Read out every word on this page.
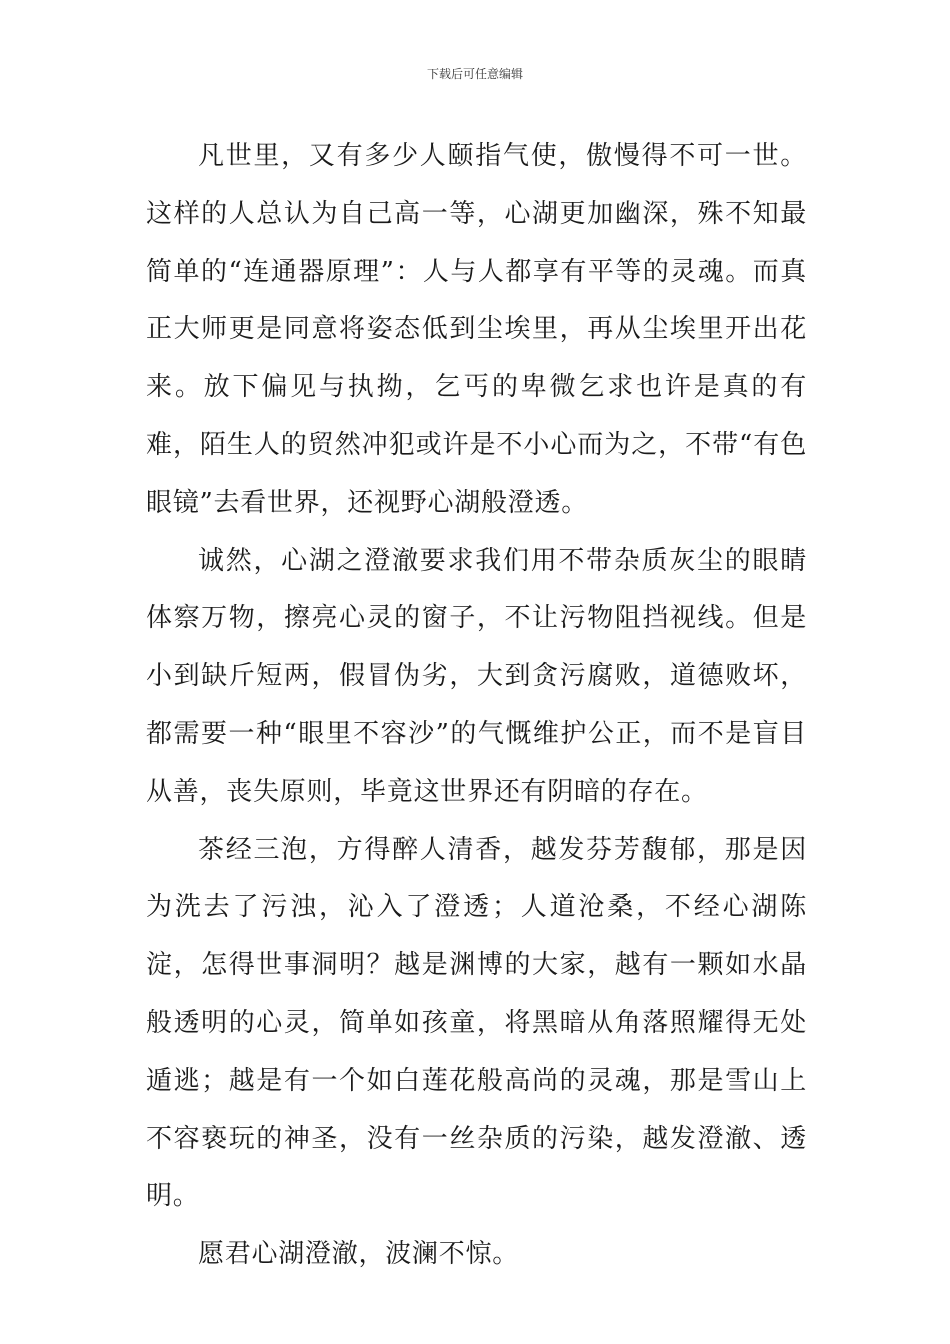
下载后可任意编辑

凡世里，又有多少人颐指气使，傲慢得不可一世。这样的人总认为自己高一等，心湖更加幽深，殊不知最简单的“连通器原理”：人与人都享有平等的灵魂。而真正大师更是同意将姿态低到尘埃里，再从尘埃里开出花来。放下偏见与执拗，乞丐的卑微乞求也许是真的有难，陌生人的贸然冲犯或许是不小心而为之，不带“有色眼镜”去看世界，还视野心湖般澄透。

诚然，心湖之澄澈要求我们用不带杂质灰尘的眼睛体察万物，擦亮心灵的窗子，不让污物阻挡视线。但是小到缺斤短两，假冒伪劣，大到贪污腐败，道德败坏，都需要一种“眼里不容沙”的气慨维护公正，而不是盲目从善，丧失原则，毕竟这世界还有阴暗的存在。

茶经三泡，方得醉人清香，越发芬芳馥郁，那是因为洗去了污浊，沁入了澄透；人道沧桑，不经心湖陈淀，怎得世事洞明？越是渊博的大家，越有一颗如水晶般透明的心灵，简单如孩童，将黑暗从角落照耀得无处遁逃；越是有一个如白莲花般高尚的灵魂，那是雪山上不容亵玩的神圣，没有一丝杂质的污染，越发澄澈、透明。

愿君心湖澄澈，波澜不惊。
